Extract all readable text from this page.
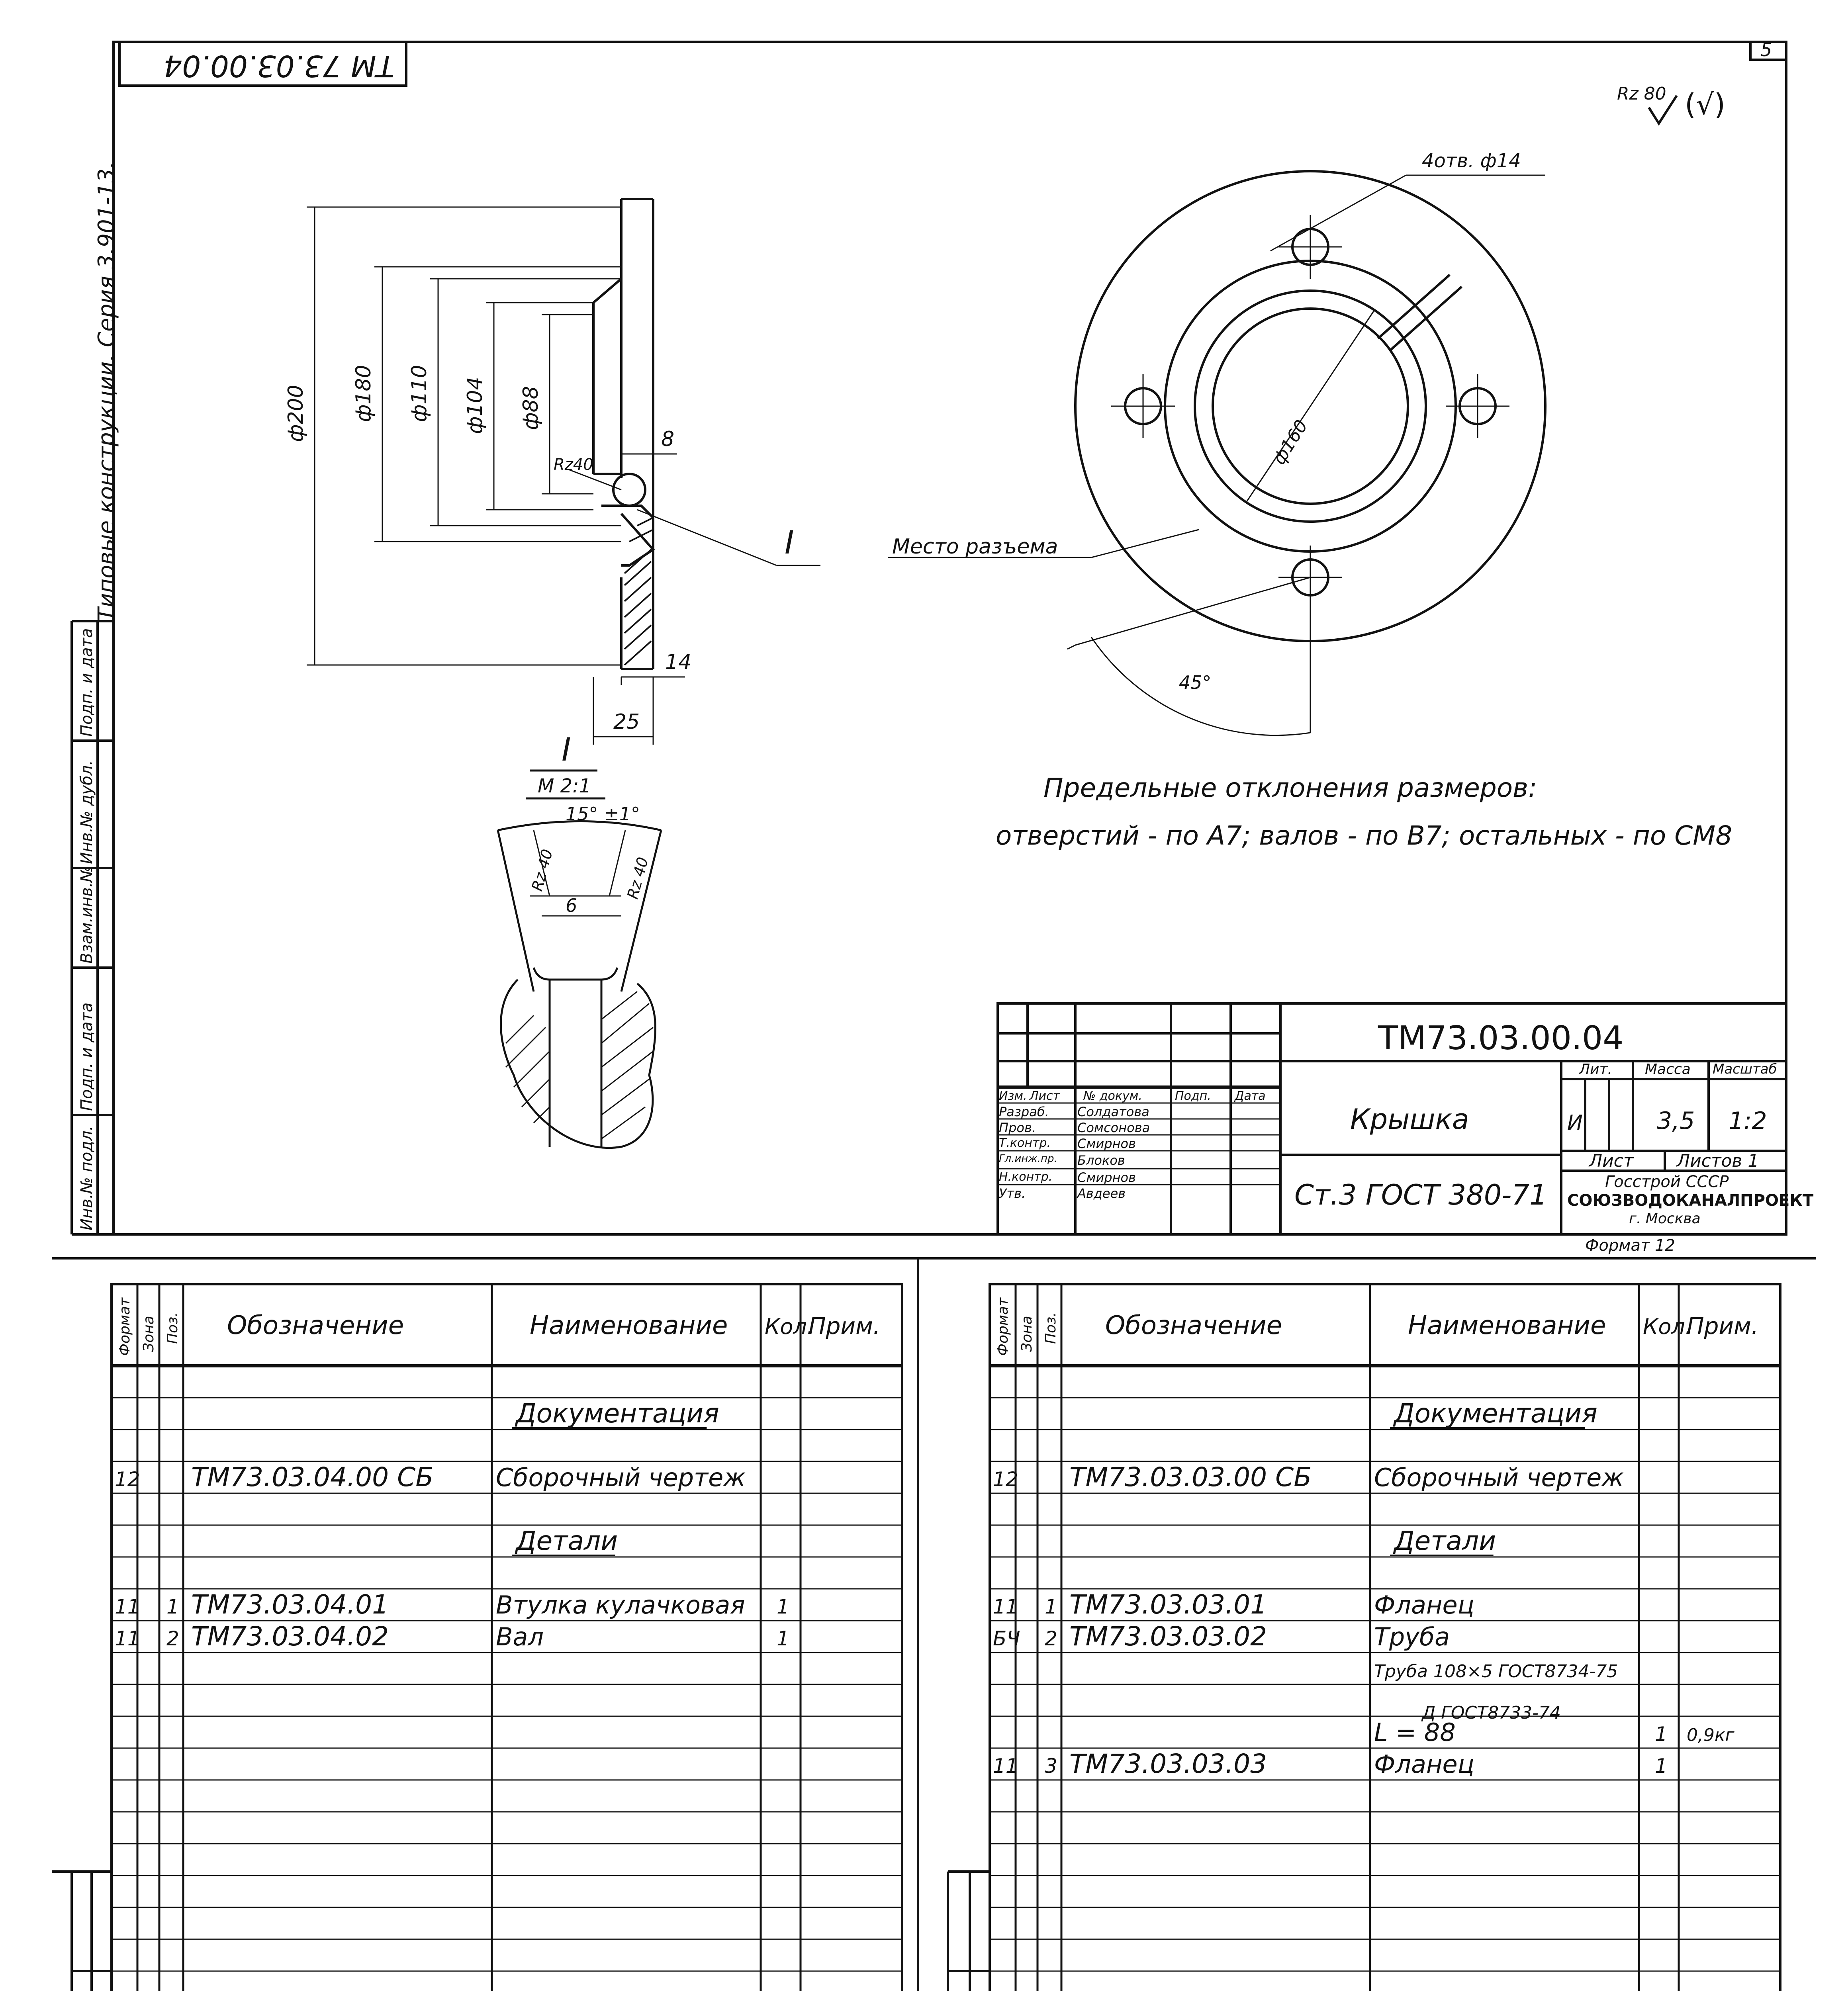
5
ТМ 73.03.00.04
Типовые конструкции. Серия 3.901-13.
Инв.№ подл.
Подп. и дата
Взам.инв.№
Инв.№ дубл.
Подп. и дата
Rz 80 (√)
ф200 ф180 ф110 ф104 ф88
8
Rz40
I
14
25
I
М 2:1
15° ±1°
6
Rz 40	Rz 40
4отв. ф14
ф160
Место разъема
45°
Предельные отклонения размеров:
отверстий - по А7; валов - по В7; остальных - по СМ8
ТМ73.03.00.04
Крышка
Ст.3 ГОСТ 380-71
Лит. Масса Масштаб
И	3,5 1:2
Лист Листов 1
Госстрой СССР
СОЮЗВОДОКАНАЛПРОЕКТ
г. Москва
Формат 12
Изм. Лист № докум.	Подп. Дата
Разраб. Солдатова
Пров.	Сомсонова
Т.контр. Смирнов
Гл.инж.пр. Блоков
Н.контр. Смирнов
Утв.	Авдеев
Формат Зона Поз. Обозначение	Наименование Кол.
Прим.
Документация
12 ТМ73.03.04.00 СБ	Сборочный чертеж
Детали
11 1 ТМ73.03.04.01	Втулка кулачковая 1
11 2 ТМ73.03.04.02	Вал	1
Формат Зона Поз. Обозначение	Наименование Кол.
Прим.
Документация
12 ТМ73.03.03.00 СБ	Сборочный чертеж
Детали
11 1 ТМ73.03.03.01	Фланец
БЧ 2 ТМ73.03.03.02	Труба
Труба 108×5 ГОСТ8734-75
Д ГОСТ8733-74
L = 88	1 0,9кг
11 3 ТМ73.03.03.03	Фланец	1
